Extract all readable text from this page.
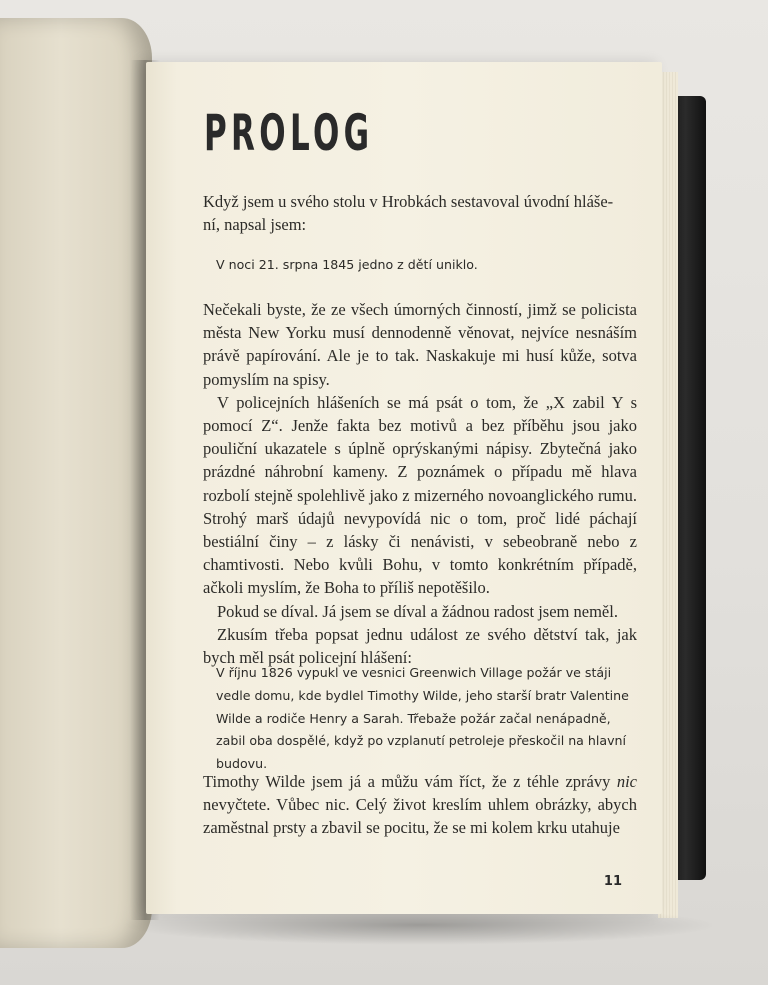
PROLOG

Když jsem u svého stolu v Hrobkách sestavoval úvodní hláše-
ní, napsal jsem:

V noci 21. srpna 1845 jedno z dětí uniklo.

Nečekali byste, že ze všech úmorných činností, jimž se policista města New Yorku musí dennodenně věnovat, nejvíce nesnáším právě papírování. Ale je to tak. Naskakuje mi husí kůže, sotva pomyslím na spisy.

V policejních hlášeních se má psát o tom, že „X zabil Y s pomocí Z“. Jenže fakta bez motivů a bez příběhu jsou jako pouliční ukazatele s úplně oprýskanými nápisy. Zbytečná jako prázdné náhrobní kameny. Z poznámek o případu mě hlava rozbolí stejně spolehlivě jako z mizerného novoanglického rumu. Strohý marš údajů nevypovídá nic o tom, proč lidé páchají bestiální činy – z lásky či nenávisti, v sebeobraně nebo z chamtivosti. Nebo kvůli Bohu, v tomto konkrétním případě, ačkoli myslím, že Boha to příliš nepotěšilo.

Pokud se díval. Já jsem se díval a žádnou radost jsem neměl.

Zkusím třeba popsat jednu událost ze svého dětství tak, jak bych měl psát policejní hlášení:

V říjnu 1826 vypukl ve vesnici Greenwich Village požár ve stáji vedle domu, kde bydlel Timothy Wilde, jeho starší bratr Valentine Wilde a rodiče Henry a Sarah. Třebaže požár začal nenápadně, zabil oba dospělé, když po vzplanutí petroleje přeskočil na hlavní budovu.

Timothy Wilde jsem já a můžu vám říct, že z téhle zprávy nic nevyčtete. Vůbec nic. Celý život kreslím uhlem obrázky, abych zaměstnal prsty a zbavil se pocitu, že se mi kolem krku utahuje

11
